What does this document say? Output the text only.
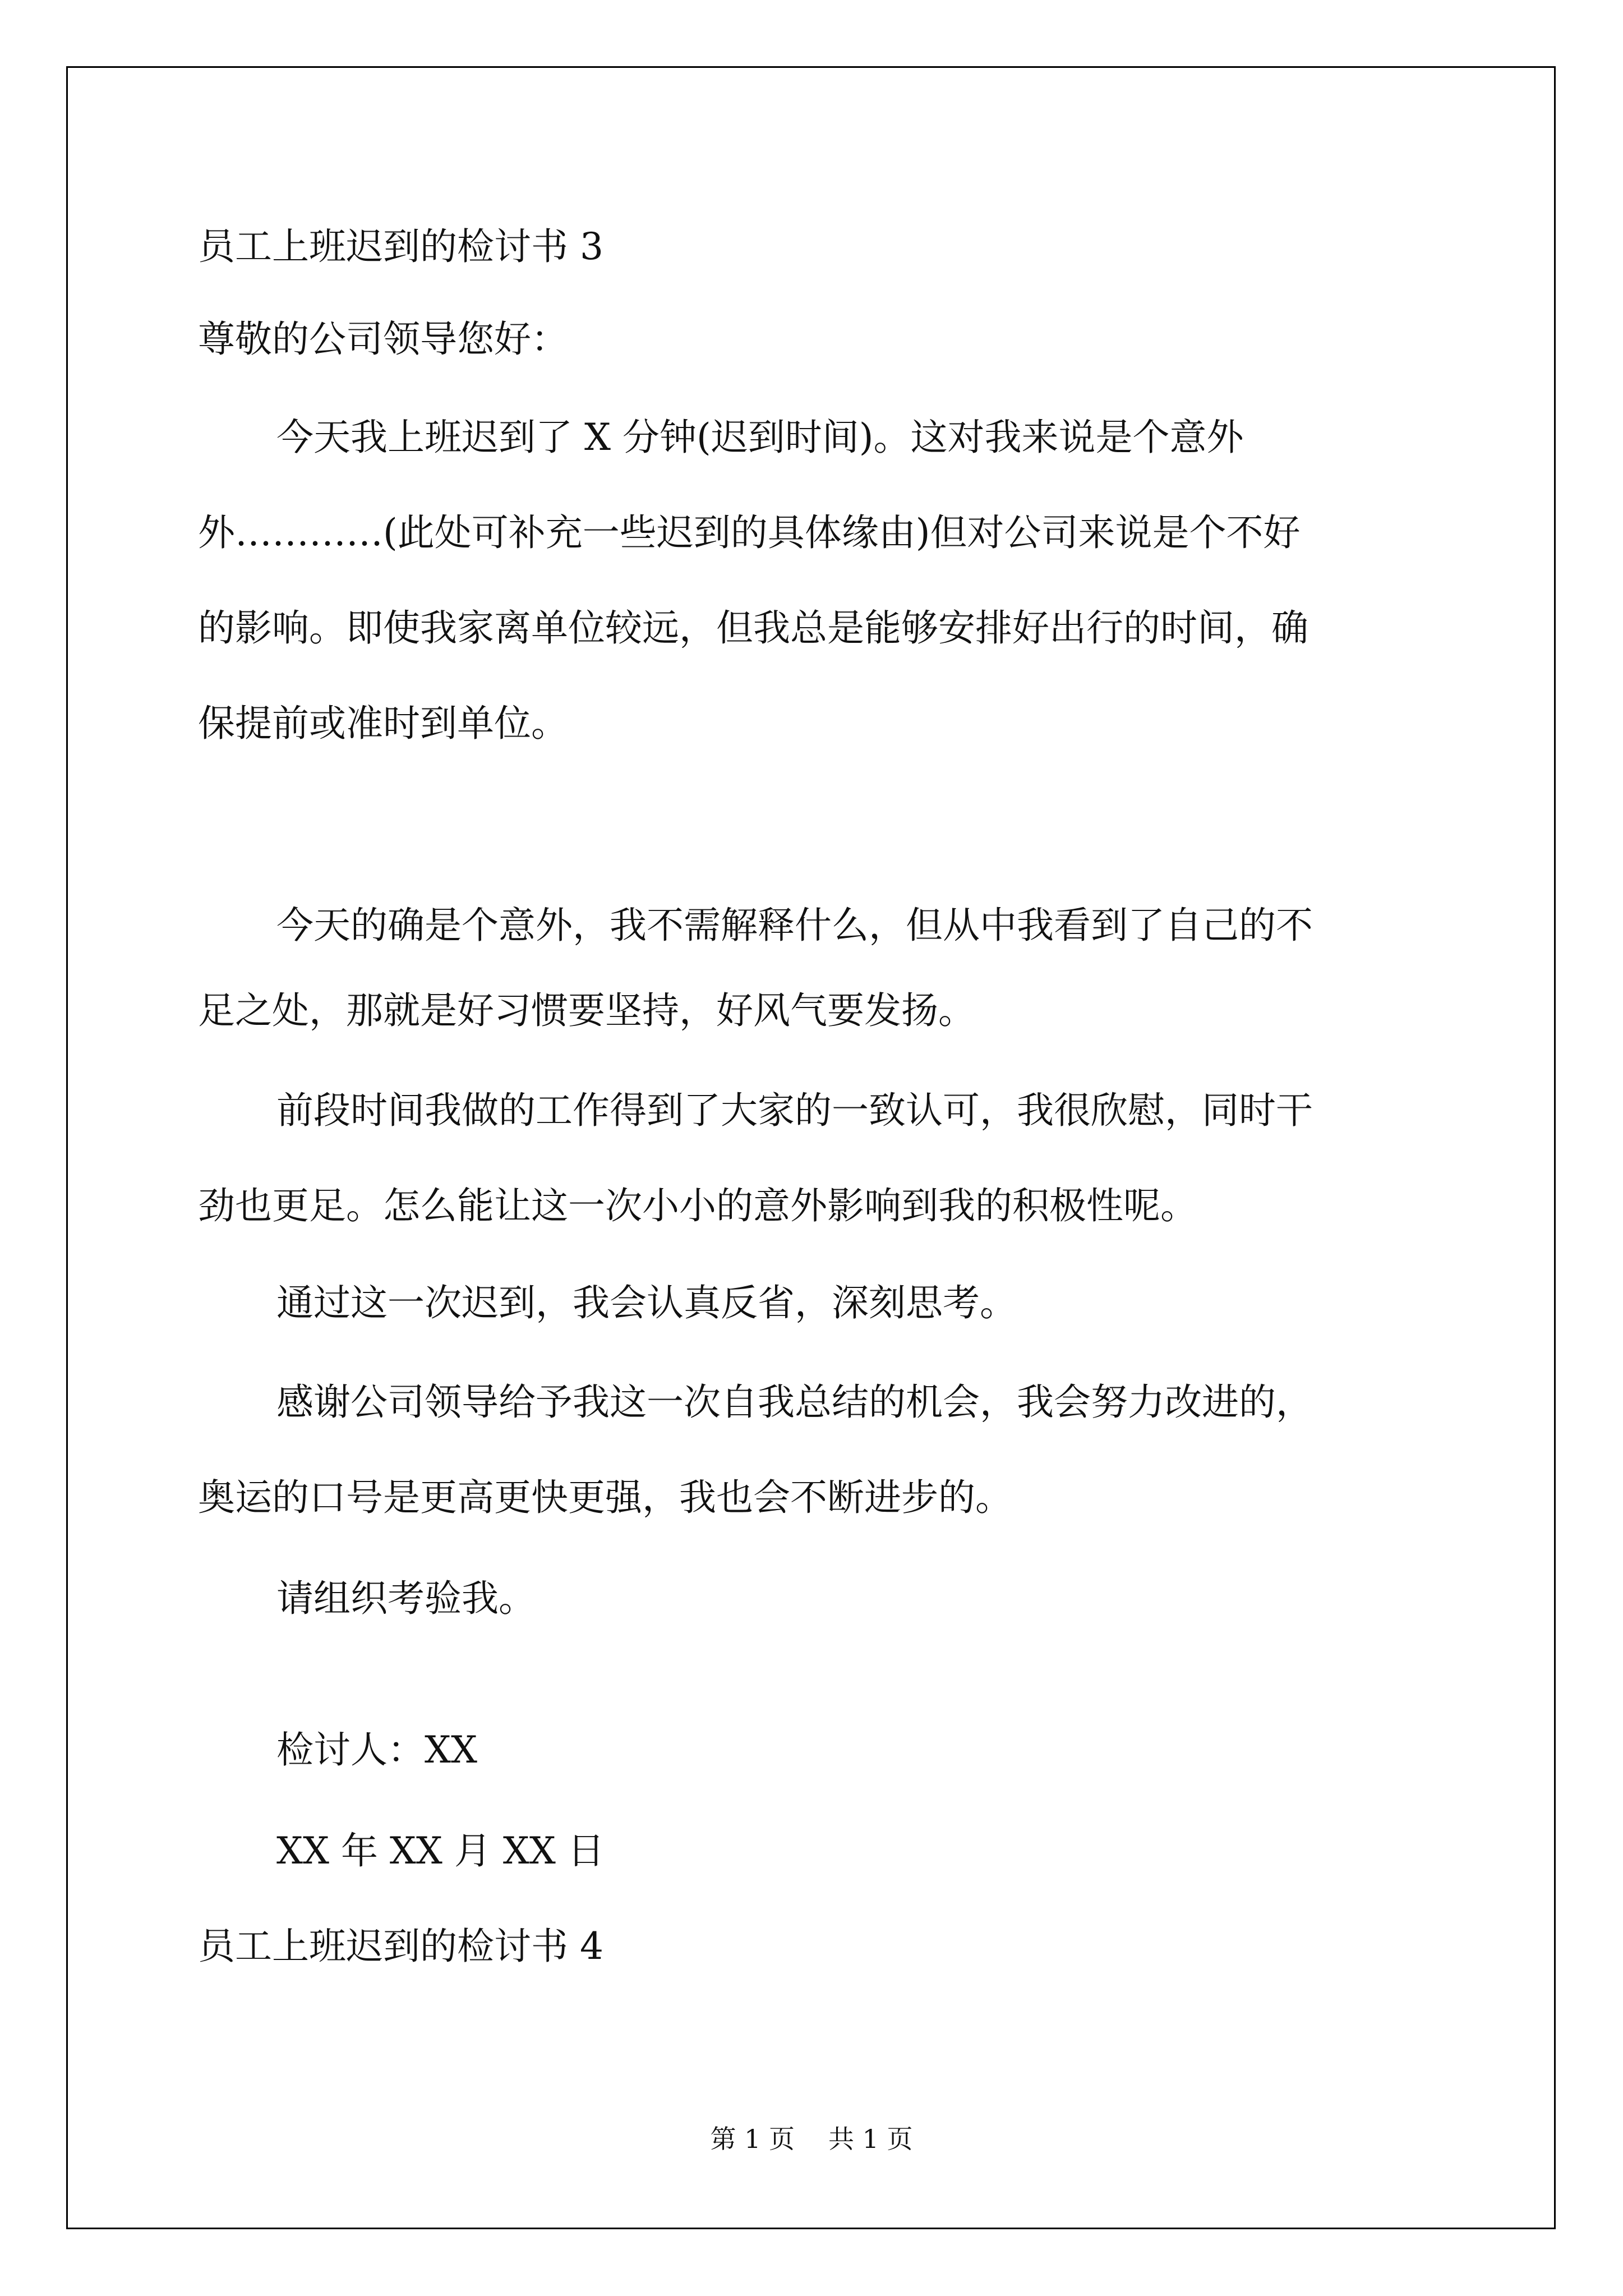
员工上班迟到的检讨书 3
尊敬的公司领导您好：
今天我上班迟到了 X 分钟(迟到时间)。这对我来说是个意外
外…………(此处可补充一些迟到的具体缘由)但对公司来说是个不好
的影响。即使我家离单位较远，但我总是能够安排好出行的时间，确
保提前或准时到单位。
今天的确是个意外，我不需解释什么，但从中我看到了自己的不
足之处，那就是好习惯要坚持，好风气要发扬。
前段时间我做的工作得到了大家的一致认可，我很欣慰，同时干
劲也更足。怎么能让这一次小小的意外影响到我的积极性呢。
通过这一次迟到，我会认真反省，深刻思考。
感谢公司领导给予我这一次自我总结的机会，我会努力改进的，
奥运的口号是更高更快更强，我也会不断进步的。
请组织考验我。
检讨人：XX
XX 年 XX 月 XX 日
员工上班迟到的检讨书 4
第 1 页 共 1 页
